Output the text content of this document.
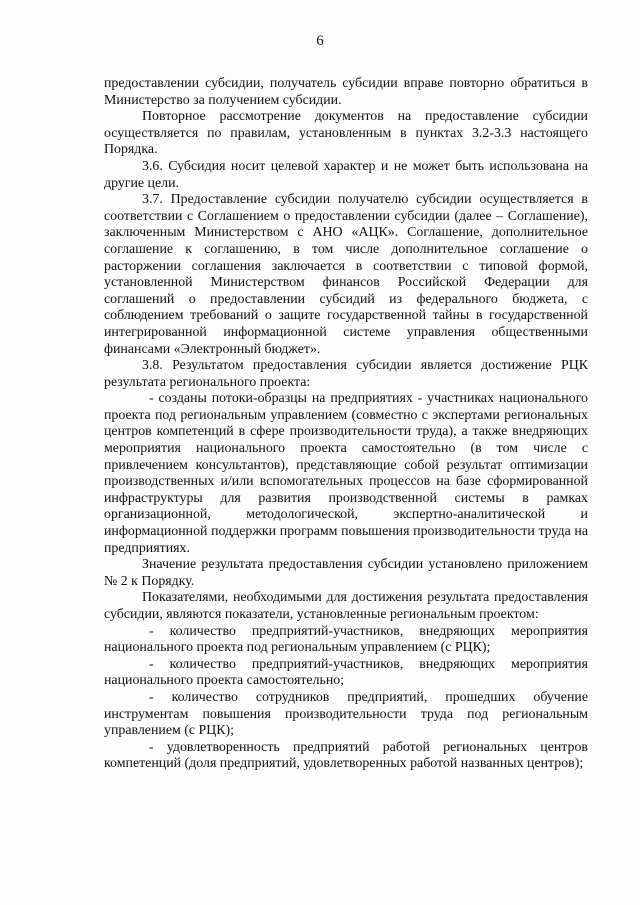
6

предоставлении субсидии, получатель субсидии вправе повторно обратиться в Министерство за получением субсидии.

Повторное рассмотрение документов на предоставление субсидии осуществляется по правилам, установленным в пунктах 3.2-3.3 настоящего Порядка.

3.6. Субсидия носит целевой характер и не может быть использована на другие цели.

3.7. Предоставление субсидии получателю субсидии осуществляется в соответствии с Соглашением о предоставлении субсидии (далее – Соглашение), заключенным Министерством с АНО «АЦК». Соглашение, дополнительное соглашение к соглашению, в том числе дополнительное соглашение о расторжении соглашения заключается в соответствии с типовой формой, установленной Министерством финансов Российской Федерации для соглашений о предоставлении субсидий из федерального бюджета, с соблюдением требований о защите государственной тайны в государственной интегрированной информационной системе управления общественными финансами «Электронный бюджет».

3.8. Результатом предоставления субсидии является достижение РЦК результата регионального проекта:

- созданы потоки-образцы на предприятиях - участниках национального проекта под региональным управлением (совместно с экспертами региональных центров компетенций в сфере производительности труда), а также внедряющих мероприятия национального проекта самостоятельно (в том числе с привлечением консультантов), представляющие собой результат оптимизации производственных и/или вспомогательных процессов на базе сформированной инфраструктуры для развития производственной системы в рамках организационной, методологической, экспертно-аналитической и информационной поддержки программ повышения производительности труда на предприятиях.

Значение результата предоставления субсидии установлено приложением № 2 к Порядку.

Показателями, необходимыми для достижения результата предоставления субсидии, являются показатели, установленные региональным проектом:

- количество предприятий-участников, внедряющих мероприятия национального проекта под региональным управлением (с РЦК);

- количество предприятий-участников, внедряющих мероприятия национального проекта самостоятельно;

- количество сотрудников предприятий, прошедших обучение инструментам повышения производительности труда под региональным управлением (с РЦК);

- удовлетворенность предприятий работой региональных центров компетенций (доля предприятий, удовлетворенных работой названных центров);
